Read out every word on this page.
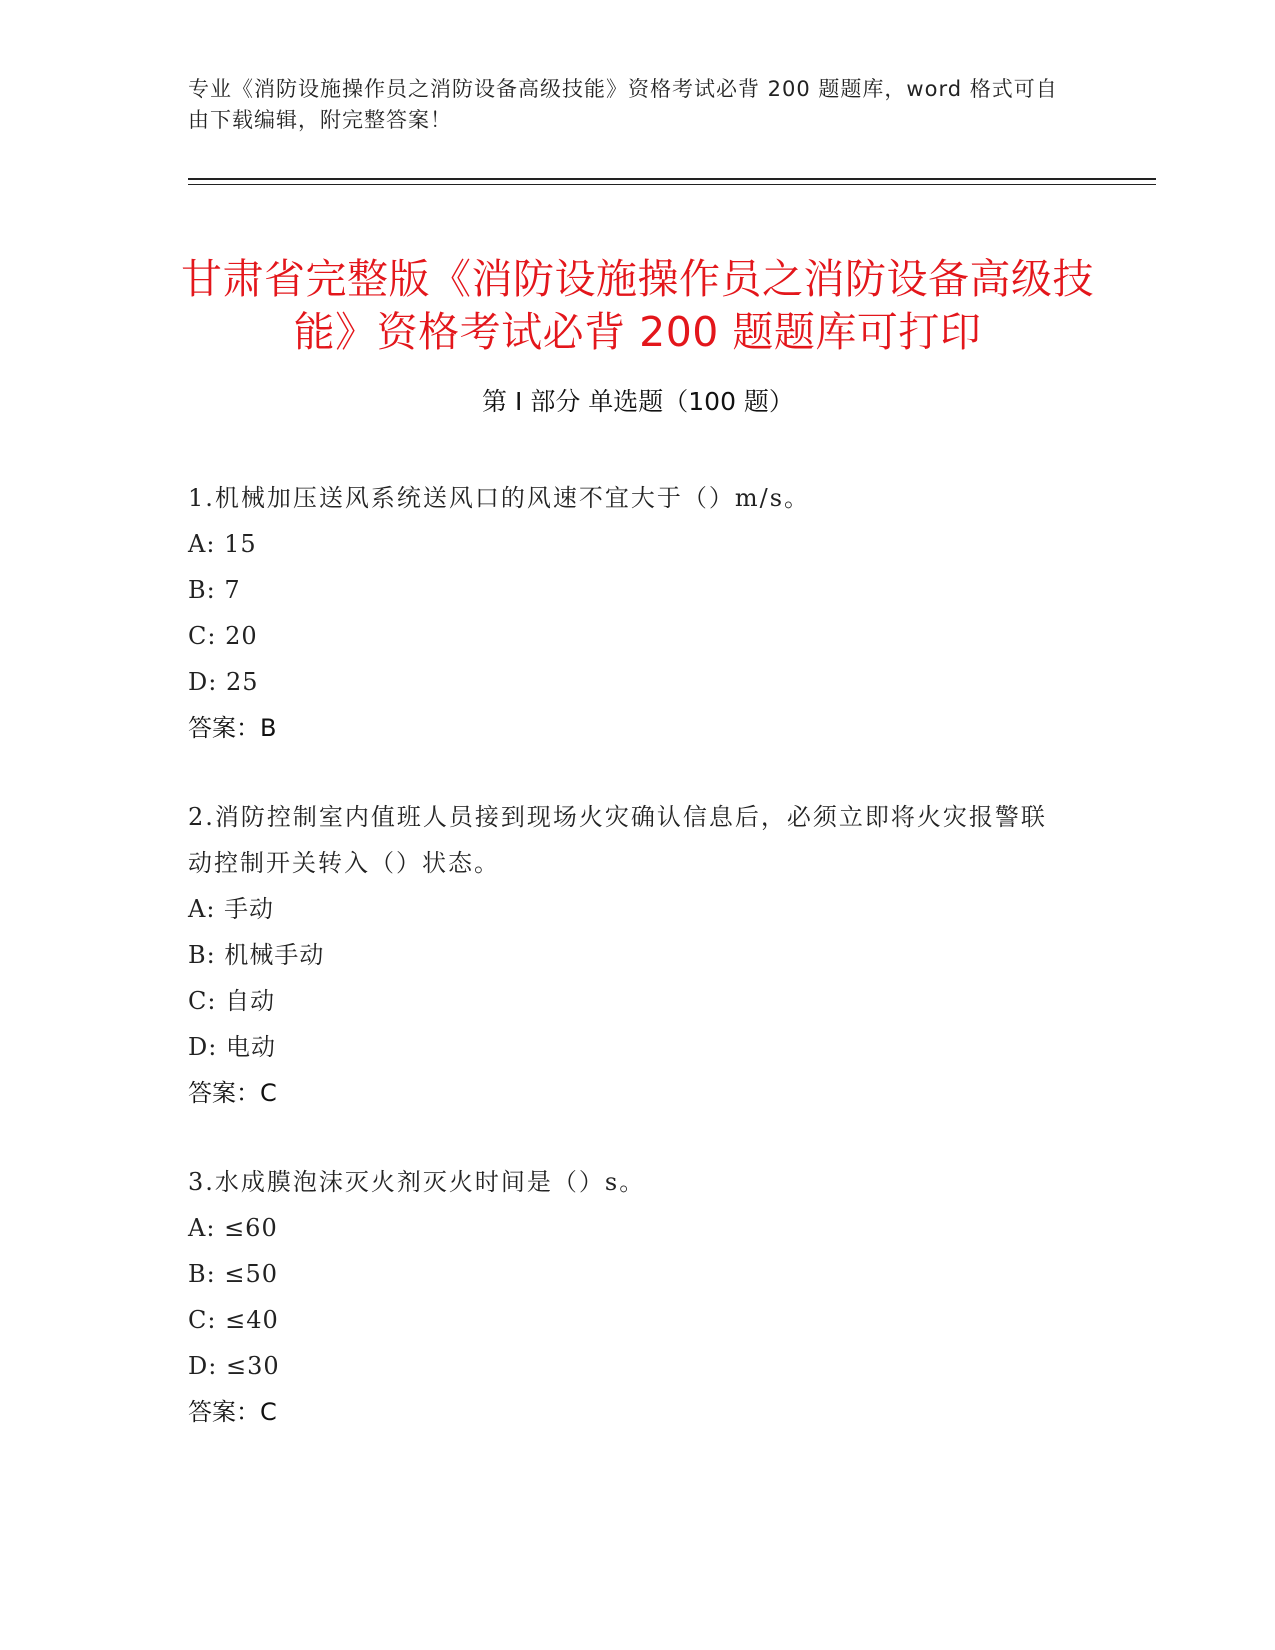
专业《消防设施操作员之消防设备高级技能》资格考试必背 200 题题库，word 格式可自由下载编辑，附完整答案！
甘肃省完整版《消防设施操作员之消防设备高级技能》资格考试必背 200 题题库可打印
第 I 部分 单选题（100 题）
1.机械加压送风系统送风口的风速不宜大于（）m/s。
A: 15
B: 7
C: 20
D: 25
答案：B
2.消防控制室内值班人员接到现场火灾确认信息后，必须立即将火灾报警联动控制开关转入（）状态。
A: 手动
B: 机械手动
C: 自动
D: 电动
答案：C
3.水成膜泡沫灭火剂灭火时间是（）s。
A: ≤60
B: ≤50
C: ≤40
D: ≤30
答案：C
